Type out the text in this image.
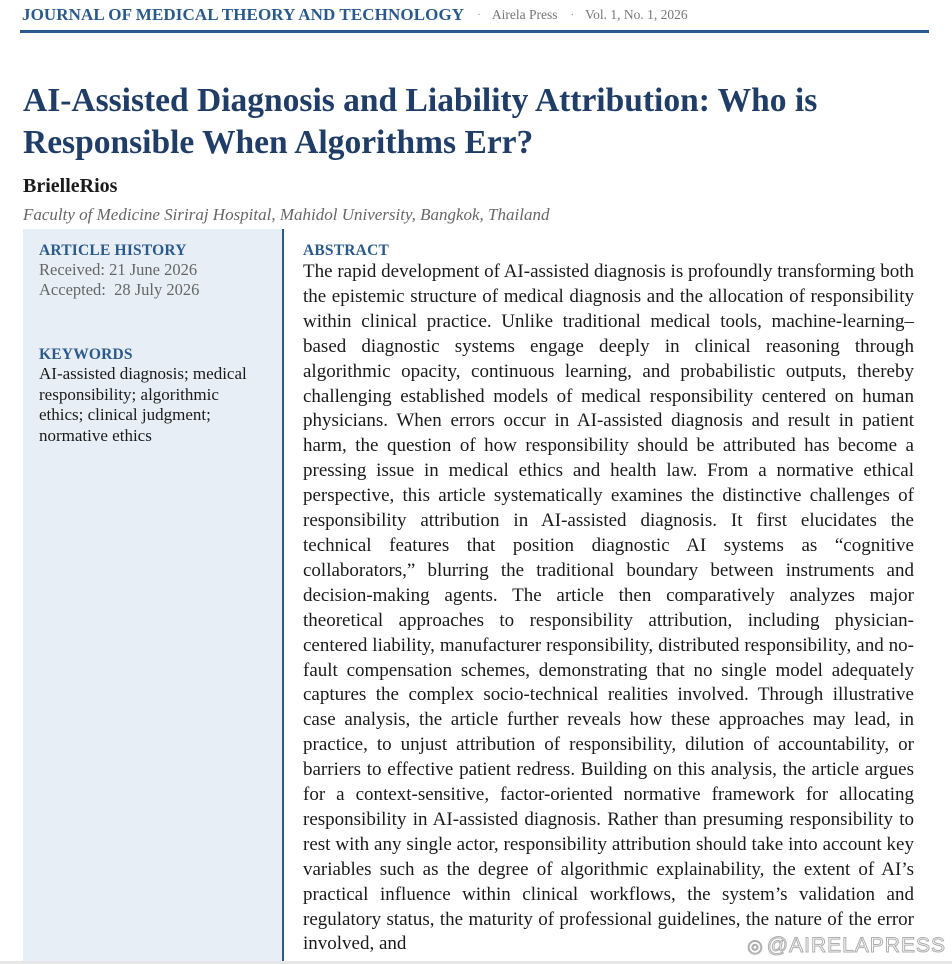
JOURNAL OF MEDICAL THEORY AND TECHNOLOGY · Airela Press · Vol. 1, No. 1, 2026
AI-Assisted Diagnosis and Liability Attribution: Who is Responsible When Algorithms Err?
BrielleRios
Faculty of Medicine Siriraj Hospital, Mahidol University, Bangkok, Thailand
ARTICLE HISTORY
Received: 21 June 2026
Accepted:  28 July 2026
KEYWORDS
AI-assisted diagnosis; medical responsibility; algorithmic ethics; clinical judgment; normative ethics
ABSTRACT

The rapid development of AI-assisted diagnosis is profoundly transforming both the epistemic structure of medical diagnosis and the allocation of responsibility within clinical practice. Unlike traditional medical tools, machine-learning–based diagnostic systems engage deeply in clinical reasoning through algorithmic opacity, continuous learning, and probabilistic outputs, thereby challenging established models of medical responsibility centered on human physicians. When errors occur in AI-assisted diagnosis and result in patient harm, the question of how responsibility should be attributed has become a pressing issue in medical ethics and health law. From a normative ethical perspective, this article systematically examines the distinctive challenges of responsibility attribution in AI-assisted diagnosis. It first elucidates the technical features that position diagnostic AI systems as “cognitive collaborators,” blurring the traditional boundary between instruments and decision-making agents. The article then comparatively analyzes major theoretical approaches to responsibility attribution, including physician-centered liability, manufacturer responsibility, distributed responsibility, and no-fault compensation schemes, demonstrating that no single model adequately captures the complex socio-technical realities involved. Through illustrative case analysis, the article further reveals how these approaches may lead, in practice, to unjust attribution of responsibility, dilution of accountability, or barriers to effective patient redress. Building on this analysis, the article argues for a context-sensitive, factor-oriented normative framework for allocating responsibility in AI-assisted diagnosis. Rather than presuming responsibility to rest with any single actor, responsibility attribution should take into account key variables such as the degree of algorithmic explainability, the extent of AI’s practical influence within clinical workflows, the system’s validation and regulatory status, the maturity of professional guidelines, the nature of the error involved, and	◎ @AIRELAPRESS
